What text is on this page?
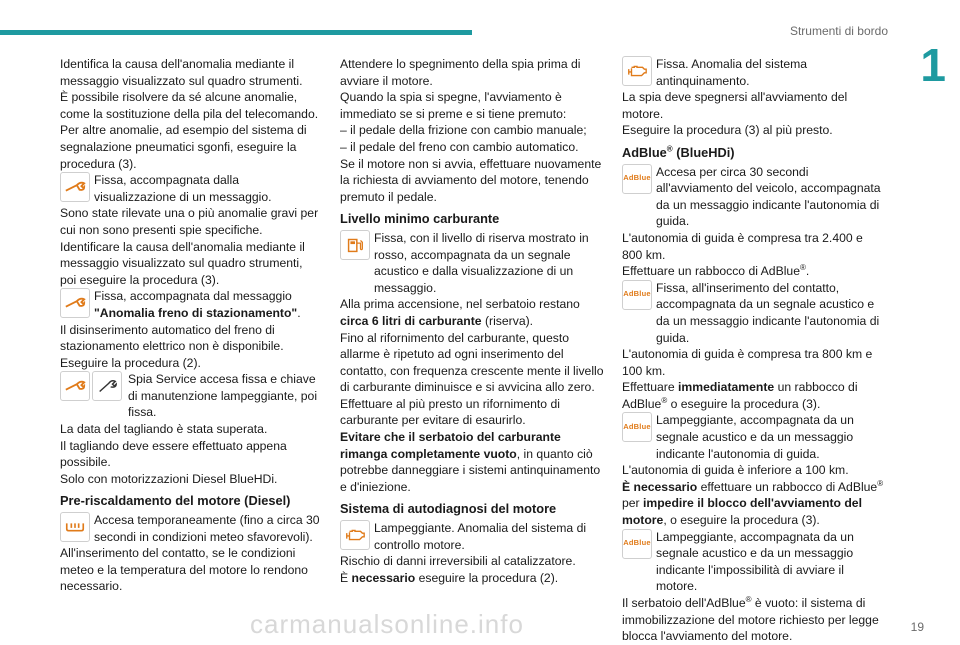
Strumenti di bordo
1

Identifica la causa dell'anomalia mediante il messaggio visualizzato sul quadro strumenti.

È possibile risolvere da sé alcune anomalie, come la sostituzione della pila del telecomando.

Per altre anomalie, ad esempio del sistema di segnalazione pneumatici sgonfi, eseguire la procedura (3).

Fissa, accompagnata dalla visualizzazione di un messaggio.

Sono state rilevate una o più anomalie gravi per cui non sono presenti spie specifiche.

Identificare la causa dell'anomalia mediante il messaggio visualizzato sul quadro strumenti, poi eseguire la procedura (3).

Fissa, accompagnata dal messaggio "Anomalia freno di stazionamento".

Il disinserimento automatico del freno di stazionamento elettrico non è disponibile.

Eseguire la procedura (2).

Spia Service accesa fissa e chiave di manutenzione lampeggiante, poi fissa.

La data del tagliando è stata superata.

Il tagliando deve essere effettuato appena possibile.

Solo con motorizzazioni Diesel BlueHDi.

Pre-riscaldamento del motore (Diesel)

Accesa temporaneamente (fino a circa 30 secondi in condizioni meteo sfavorevoli).

All'inserimento del contatto, se le condizioni meteo e la temperatura del motore lo rendono necessario.

Attendere lo spegnimento della spia prima di avviare il motore.

Quando la spia si spegne, l'avviamento è immediato se si preme e si tiene premuto:

– il pedale della frizione con cambio manuale;

– il pedale del freno con cambio automatico.

Se il motore non si avvia, effettuare nuovamente la richiesta di avviamento del motore, tenendo premuto il pedale.

Livello minimo carburante

Fissa, con il livello di riserva mostrato in rosso, accompagnata da un segnale acustico e dalla visualizzazione di un messaggio.

Alla prima accensione, nel serbatoio restano circa 6 litri di carburante (riserva).

Fino al rifornimento del carburante, questo allarme è ripetuto ad ogni inserimento del contatto, con frequenza crescente mente il livello di carburante diminuisce e si avvicina allo zero.

Effettuare al più presto un rifornimento di carburante per evitare di esaurirlo.

Evitare che il serbatoio del carburante rimanga completamente vuoto, in quanto ciò potrebbe danneggiare i sistemi antinquinamento e d'iniezione.

Sistema di autodiagnosi del motore

Lampeggiante. Anomalia del sistema di controllo motore.

Rischio di danni irreversibili al catalizzatore.

È necessario eseguire la procedura (2).

Fissa. Anomalia del sistema antinquinamento.

La spia deve spegnersi all'avviamento del motore.

Eseguire la procedura (3) al più presto.

AdBlue® (BlueHDi)

AdBlue Accesa per circa 30 secondi all'avviamento del veicolo, accompagnata da un messaggio indicante l'autonomia di guida.

L'autonomia di guida è compresa tra 2.400 e 800 km.

Effettuare un rabbocco di AdBlue®.

AdBlue Fissa, all'inserimento del contatto, accompagnata da un segnale acustico e da un messaggio indicante l'autonomia di guida.

L'autonomia di guida è compresa tra 800 km e 100 km.

Effettuare immediatamente un rabbocco di AdBlue® o eseguire la procedura (3).

AdBlue Lampeggiante, accompagnata da un segnale acustico e da un messaggio indicante l'autonomia di guida.

L'autonomia di guida è inferiore a 100 km.

È necessario effettuare un rabbocco di AdBlue® per impedire il blocco dell'avviamento del motore, o eseguire la procedura (3).

AdBlue Lampeggiante, accompagnata da un segnale acustico e da un messaggio indicante l'impossibilità di avviare il motore.

Il serbatoio dell'AdBlue® è vuoto: il sistema di immobilizzazione del motore richiesto per legge blocca l'avviamento del motore.

carmanualsonline.info	19
